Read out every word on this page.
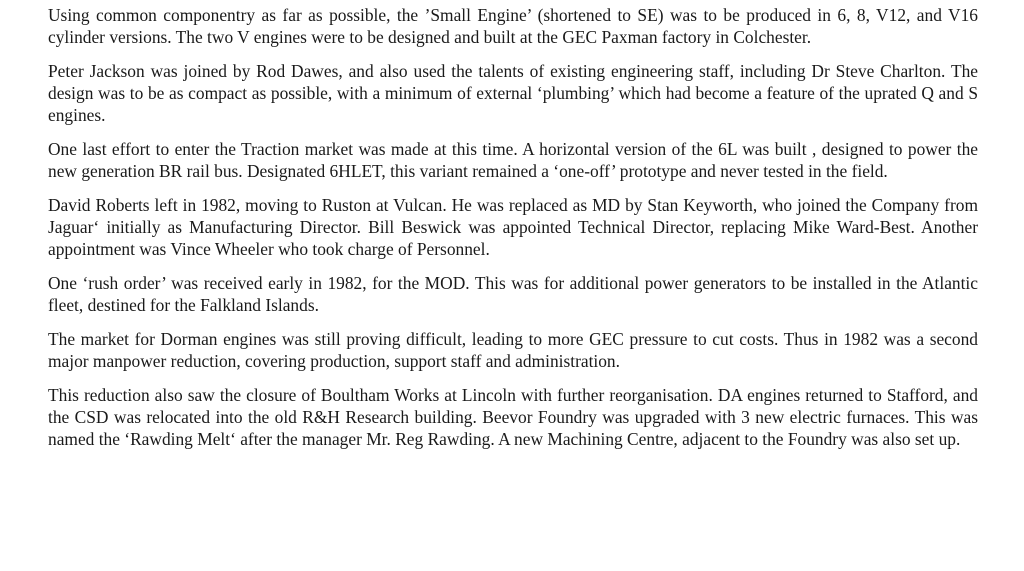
Using common componentry as far as possible, the ’Small Engine’ (shortened to SE) was to be produced in 6, 8, V12, and V16 cylinder versions. The two V engines were to be designed and built at the GEC Paxman factory in Colchester.

Peter Jackson was joined by Rod Dawes, and also used the talents of existing engineering staff, including Dr Steve Charlton. The design was to be as compact as possible, with a minimum of external ‘plumbing’ which had become a feature of the uprated Q and S engines.

One last effort to enter the Traction market was made at this time. A horizontal version of the 6L was built , designed to power the new generation BR rail bus. Designated 6HLET, this variant remained a ‘one-off’ prototype and never tested in the field.

David Roberts left in 1982, moving to Ruston at Vulcan. He was replaced as MD by Stan Keyworth, who joined the Company from Jaguar‘ initially as Manufacturing Director. Bill Beswick was appointed Technical Director, replacing Mike Ward-Best. Another appointment was Vince Wheeler who took charge of Personnel.

One ‘rush order’ was received early in 1982, for the MOD. This was for additional power generators to be installed in the Atlantic fleet, destined for the Falkland Islands.

The market for Dorman engines was still proving difficult, leading to more GEC pressure to cut costs. Thus in 1982 was a second major manpower reduction, covering production, support staff and administration.

This reduction also saw the closure of Boultham Works at Lincoln with further reorganisation. DA engines returned to Stafford, and the CSD was relocated into the old R&H Research building. Beevor Foundry was upgraded with 3 new electric furnaces. This was named the ‘Rawding Melt‘ after the manager Mr. Reg Rawding. A new Machining Centre, adjacent to the Foundry was also set up.
